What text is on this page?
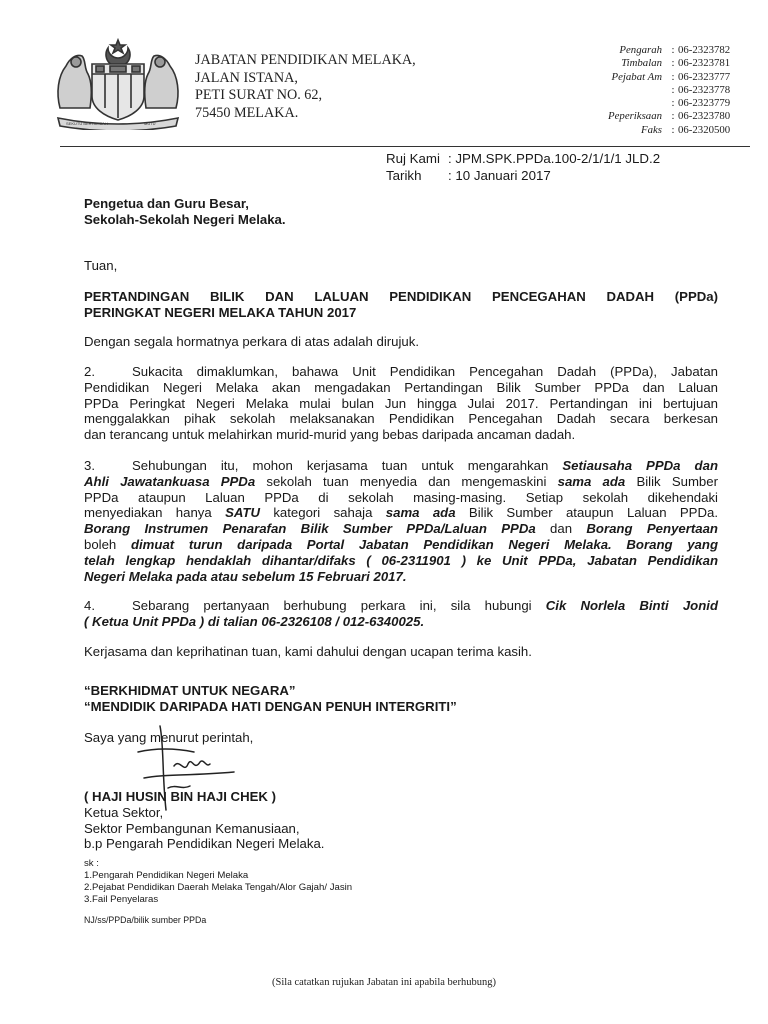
SEKUTU BERTAMBAH	MUTU
JABATAN PENDIDIKAN MELAKA,
JALAN ISTANA,
PETI SURAT NO. 62,
75450 MELAKA.
Pengarah : 06-2323782
Timbalan : 06-2323781
Pejabat Am : 06-2323777
: 06-2323778
: 06-2323779
Peperiksaan : 06-2323780
Faks : 06-2320500
Ruj Kami : JPM.SPK.PPDa.100-2/1/1/1 JLD.2
Tarikh	: 10 Januari 2017
Pengetua dan Guru Besar,
Sekolah-Sekolah Negeri Melaka.
Tuan,
PERTANDINGAN BILIK DAN LALUAN PENDIDIKAN PENCEGAHAN DADAH (PPDa)
PERINGKAT NEGERI MELAKA TAHUN 2017
Dengan segala hormatnya perkara di atas adalah dirujuk.
2.	Sukacita dimaklumkan, bahawa Unit Pendidikan Pencegahan Dadah (PPDa), Jabatan
Pendidikan Negeri Melaka akan mengadakan Pertandingan Bilik Sumber PPDa dan Laluan
PPDa Peringkat Negeri Melaka mulai bulan Jun hingga Julai 2017. Pertandingan ini bertujuan
menggalakkan pihak sekolah melaksanakan Pendidikan Pencegahan Dadah secara berkesan
dan terancang untuk melahirkan murid-murid yang bebas daripada ancaman dadah.
3.	Sehubungan itu, mohon kerjasama tuan untuk mengarahkan Setiausaha PPDa dan
Ahli Jawatankuasa PPDa sekolah tuan menyedia dan mengemaskini sama ada Bilik Sumber
PPDa ataupun Laluan PPDa di sekolah masing-masing. Setiap sekolah dikehendaki
menyediakan hanya SATU kategori sahaja sama ada Bilik Sumber ataupun Laluan PPDa.
Borang Instrumen Penarafan Bilik Sumber PPDa/Laluan PPDa dan Borang Penyertaan
boleh dimuat turun daripada Portal Jabatan Pendidikan Negeri Melaka. Borang yang
telah lengkap hendaklah dihantar/difaks ( 06-2311901 ) ke Unit PPDa, Jabatan Pendidikan
Negeri Melaka pada atau sebelum 15 Februari 2017.
4.	Sebarang pertanyaan berhubung perkara ini, sila hubungi Cik Norlela Binti Jonid
( Ketua Unit PPDa ) di talian 06-2326108 / 012-6340025.
Kerjasama dan keprihatinan tuan, kami dahului dengan ucapan terima kasih.
“BERKHIDMAT UNTUK NEGARA”
“MENDIDIK DARIPADA HATI DENGAN PENUH INTERGRITI”
Saya yang menurut perintah,
( HAJI HUSIN BIN HAJI CHEK )
Ketua Sektor,
Sektor Pembangunan Kemanusiaan,
b.p Pengarah Pendidikan Negeri Melaka.
sk :
1.Pengarah Pendidikan Negeri Melaka
2.Pejabat Pendidikan Daerah Melaka Tengah/Alor Gajah/ Jasin
3.Fail Penyelaras
NJ/ss/PPDa/bilik sumber PPDa
(Sila catatkan rujukan Jabatan ini apabila berhubung)
